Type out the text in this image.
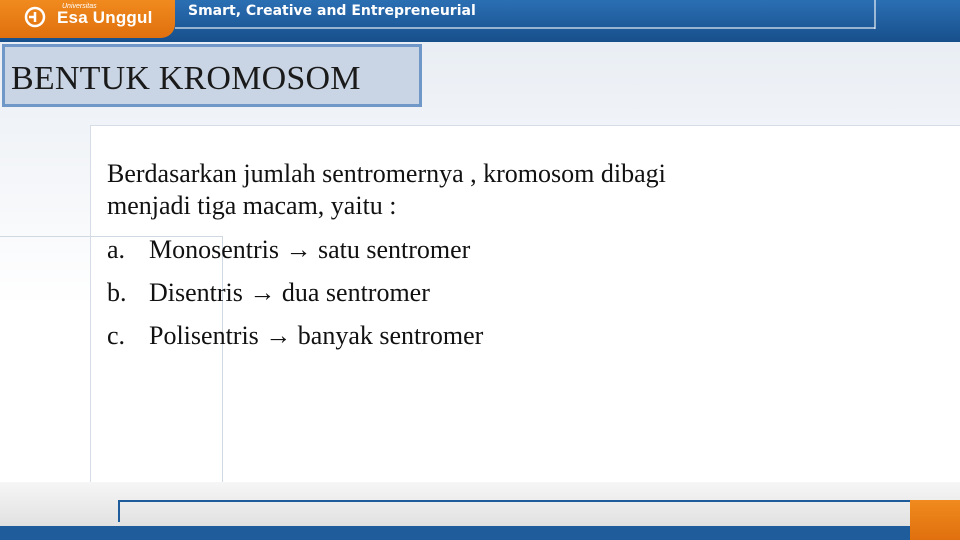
Universitas
Esa Unggul	Smart, Creative and Entrepreneurial
BENTUK KROMOSOM

Berdasarkan jumlah sentromernya , kromosom dibagi
menjadi tiga macam, yaitu :

a. Monosentris → satu sentromer

b. Disentris → dua sentromer

c. Polisentris → banyak sentromer
